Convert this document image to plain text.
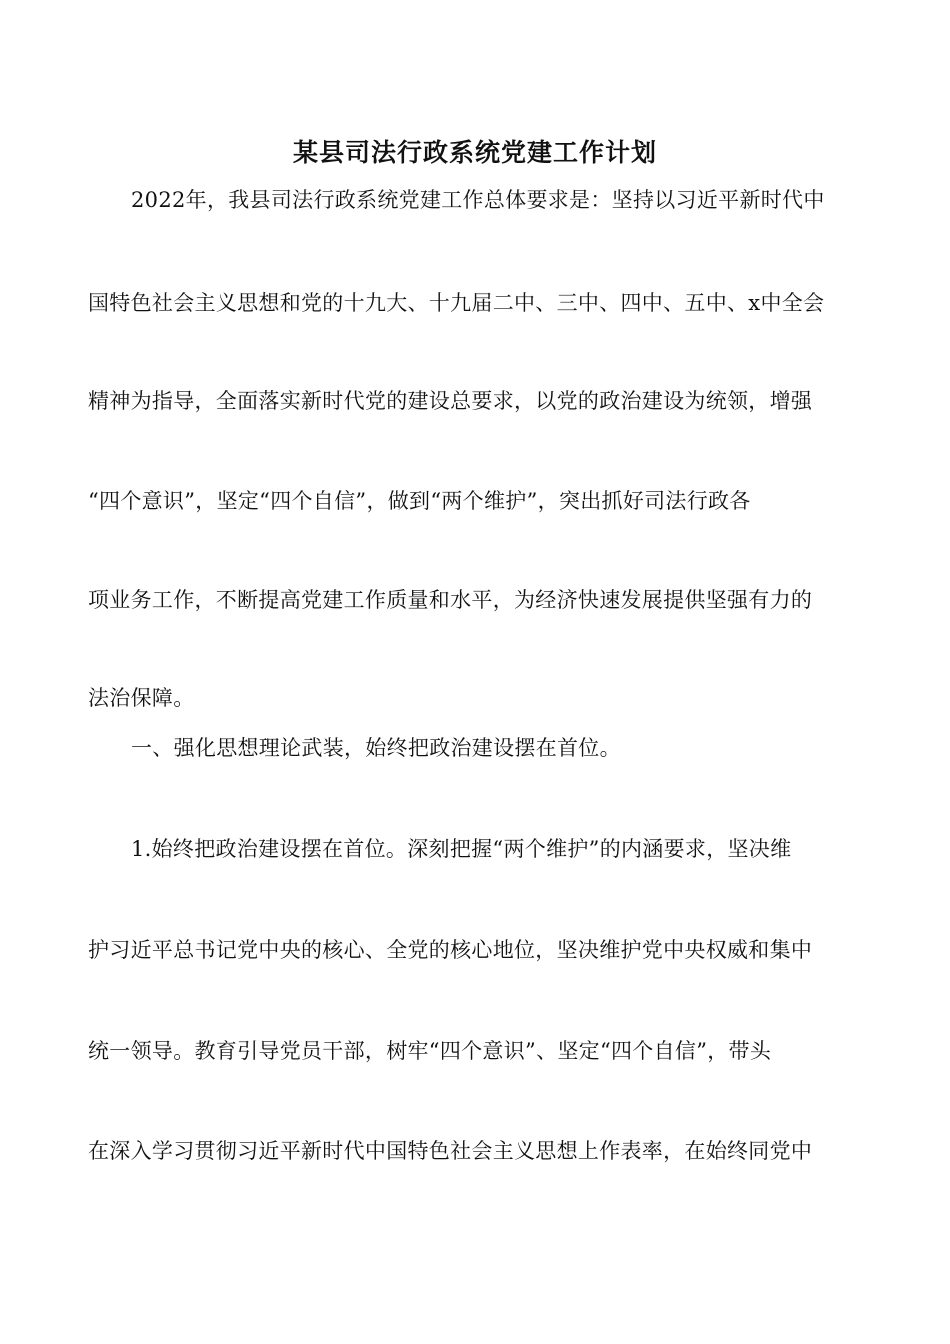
某县司法行政系统党建工作计划

2022年，我县司法行政系统党建工作总体要求是：坚持以习近平新时代中

国特色社会主义思想和党的十九大、十九届二中、三中、四中、五中、x中全会

精神为指导，全面落实新时代党的建设总要求，以党的政治建设为统领，增强

“四个意识”，坚定“四个自信”，做到“两个维护”，突出抓好司法行政各

项业务工作，不断提高党建工作质量和水平，为经济快速发展提供坚强有力的

法治保障。

一、强化思想理论武装，始终把政治建设摆在首位。

1.始终把政治建设摆在首位。深刻把握“两个维护”的内涵要求，坚决维

护习近平总书记党中央的核心、全党的核心地位，坚决维护党中央权威和集中

统一领导。教育引导党员干部，树牢“四个意识”、坚定“四个自信”，带头

在深入学习贯彻习近平新时代中国特色社会主义思想上作表率，在始终同党中
